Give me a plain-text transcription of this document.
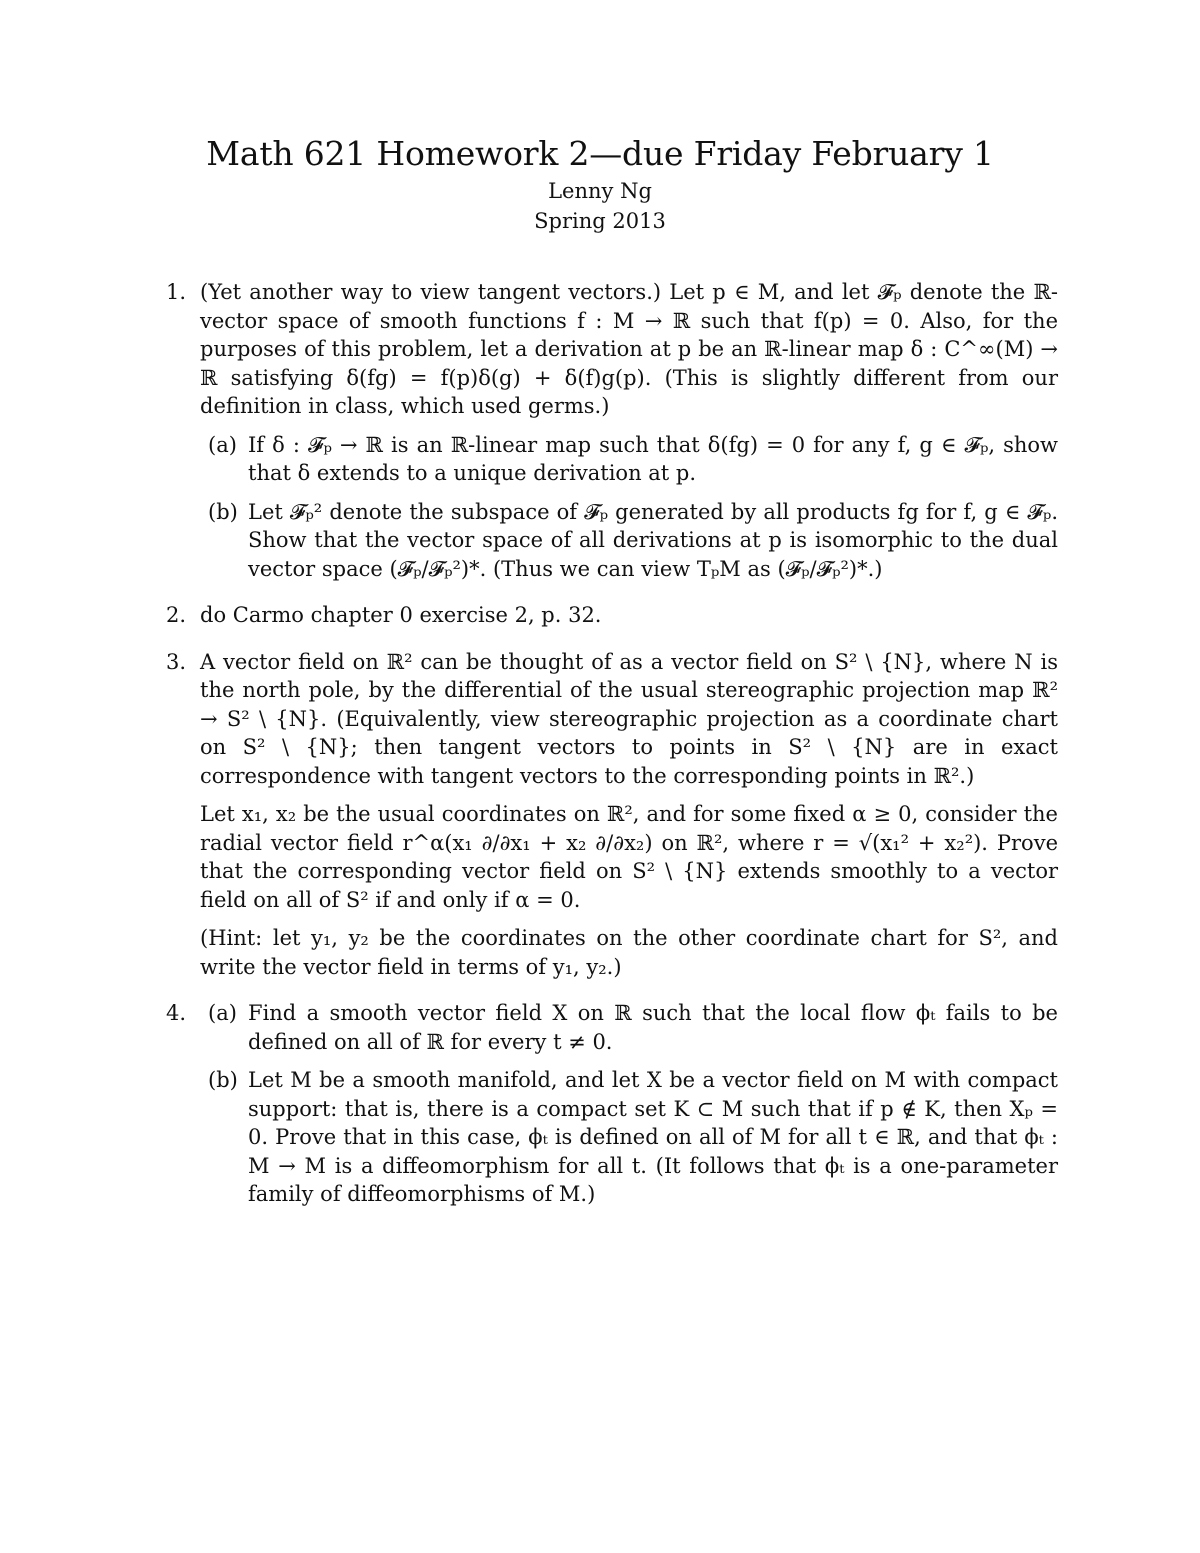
Math 621 Homework 2—due Friday February 1
Lenny Ng
Spring 2013
1. (Yet another way to view tangent vectors.) Let p ∈ M, and let 𝓕ₚ denote the ℝ-vector space of smooth functions f : M → ℝ such that f(p) = 0. Also, for the purposes of this problem, let a derivation at p be an ℝ-linear map δ : C^∞(M) → ℝ satisfying δ(fg) = f(p)δ(g) + δ(f)g(p). (This is slightly different from our definition in class, which used germs.)
(a) If δ : 𝓕ₚ → ℝ is an ℝ-linear map such that δ(fg) = 0 for any f, g ∈ 𝓕ₚ, show that δ extends to a unique derivation at p.
(b) Let 𝓕ₚ² denote the subspace of 𝓕ₚ generated by all products fg for f, g ∈ 𝓕ₚ. Show that the vector space of all derivations at p is isomorphic to the dual vector space (𝓕ₚ/𝓕ₚ²)*. (Thus we can view TₚM as (𝓕ₚ/𝓕ₚ²)*.)
2. do Carmo chapter 0 exercise 2, p. 32.
3. A vector field on ℝ² can be thought of as a vector field on S² \ {N}, where N is the north pole, by the differential of the usual stereographic projection map ℝ² → S² \ {N}. (Equivalently, view stereographic projection as a coordinate chart on S² \ {N}; then tangent vectors to points in S² \ {N} are in exact correspondence with tangent vectors to the corresponding points in ℝ².)
Let x₁, x₂ be the usual coordinates on ℝ², and for some fixed α ≥ 0, consider the radial vector field r^α(x₁ ∂/∂x₁ + x₂ ∂/∂x₂) on ℝ², where r = √(x₁² + x₂²). Prove that the corresponding vector field on S² \ {N} extends smoothly to a vector field on all of S² if and only if α = 0.
(Hint: let y₁, y₂ be the coordinates on the other coordinate chart for S², and write the vector field in terms of y₁, y₂.)
4. (a) Find a smooth vector field X on ℝ such that the local flow ϕₜ fails to be defined on all of ℝ for every t ≠ 0.
(b) Let M be a smooth manifold, and let X be a vector field on M with compact support: that is, there is a compact set K ⊂ M such that if p ∉ K, then Xₚ = 0. Prove that in this case, ϕₜ is defined on all of M for all t ∈ ℝ, and that ϕₜ : M → M is a diffeomorphism for all t. (It follows that ϕₜ is a one-parameter family of diffeomorphisms of M.)
